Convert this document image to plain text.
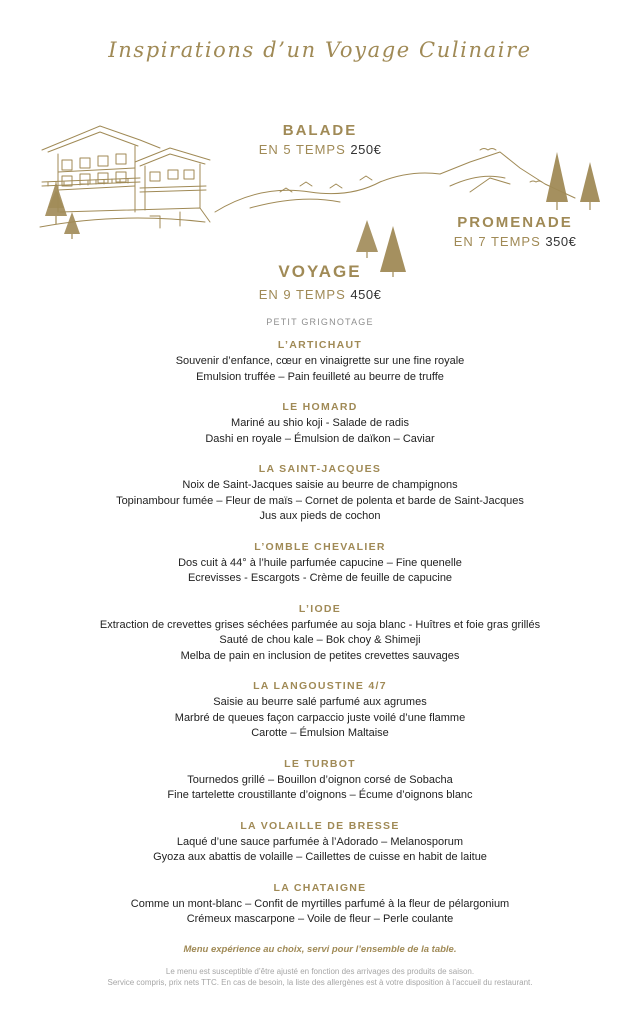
Inspirations d’un Voyage Culinaire
BALADE
EN 5 TEMPS 250€
PROMENADE
EN 7 TEMPS 350€
VOYAGE
EN 9 TEMPS 450€
PETIT GRIGNOTAGE
L’ARTICHAUT
Souvenir d’enfance, cœur en vinaigrette sur une fine royale
Emulsion truffée – Pain feuilleté au beurre de truffe
LE HOMARD
Mariné au shio koji - Salade de radis
Dashi en royale – Émulsion de daïkon – Caviar
LA SAINT-JACQUES
Noix de Saint-Jacques saisie au beurre de champignons
Topinambour fumée – Fleur de maïs – Cornet de polenta et barde de Saint-Jacques
Jus aux pieds de cochon
L’OMBLE CHEVALIER
Dos cuit à 44° à l’huile parfumée capucine – Fine quenelle
Ecrevisses - Escargots - Crème de feuille de capucine
L’IODE
Extraction de crevettes grises séchées parfumée au soja blanc - Huîtres et foie gras grillés
Sauté de chou kale – Bok choy & Shimeji
Melba de pain en inclusion de petites crevettes sauvages
LA LANGOUSTINE 4/7
Saisie au beurre salé parfumé aux agrumes
Marbré de queues façon carpaccio juste voilé d’une flamme
Carotte – Émulsion Maltaise
LE TURBOT
Tournedos grillé – Bouillon d’oignon corsé de Sobacha
Fine tartelette croustillante d’oignons – Écume d’oignons blanc
LA VOLAILLE DE BRESSE
Laqué d’une sauce parfumée à l’Adorado – Melanosporum
Gyoza aux abattis de volaille – Caillettes de cuisse en habit de laitue
LA CHATAIGNE
Comme un mont-blanc – Confit de myrtilles parfumé à la fleur de pélargonium
Crémeux mascarpone – Voile de fleur – Perle coulante
Menu expérience au choix, servi pour l’ensemble de la table.
Le menu est susceptible d’être ajusté en fonction des arrivages des produits de saison.
Service compris, prix nets TTC. En cas de besoin, la liste des allergènes est à votre disposition à l’accueil du restaurant.
